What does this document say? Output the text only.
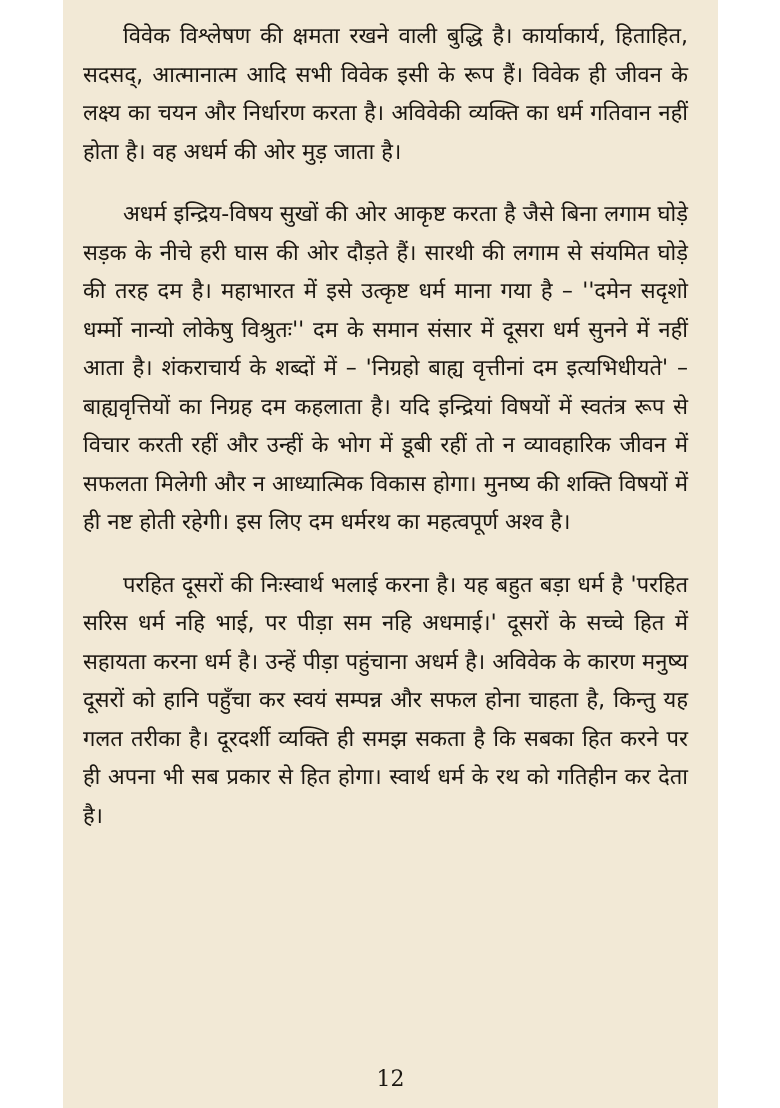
विवेक विश्लेषण की क्षमता रखने वाली बुद्धि है। कार्याकार्य, हिताहित, सदसद्, आत्मानात्म आदि सभी विवेक इसी के रूप हैं। विवेक ही जीवन के लक्ष्य का चयन और निर्धारण करता है। अविवेकी व्यक्ति का धर्म गतिवान नहीं होता है। वह अधर्म की ओर मुड़ जाता है।

अधर्म इन्द्रिय-विषय सुखों की ओर आकृष्ट करता है जैसे बिना लगाम घोड़े सड़क के नीचे हरी घास की ओर दौड़ते हैं। सारथी की लगाम से संयमित घोड़े की तरह दम है। महाभारत में इसे उत्कृष्ट धर्म माना गया है – ''दमेन सदृशो धर्म्मो नान्यो लोकेषु विश्रुतः'' दम के समान संसार में दूसरा धर्म सुनने में नहीं आता है। शंकराचार्य के शब्दों में – 'निग्रहो बाह्य वृत्तीनां दम इत्यभिधीयते' – बाह्यवृत्तियों का निग्रह दम कहलाता है। यदि इन्द्रियां विषयों में स्वतंत्र रूप से विचार करती रहीं और उन्हीं के भोग में डूबी रहीं तो न व्यावहारिक जीवन में सफलता मिलेगी और न आध्यात्मिक विकास होगा। मुनष्य की शक्ति विषयों में ही नष्ट होती रहेगी। इस लिए दम धर्मरथ का महत्वपूर्ण अश्व है।

परहित दूसरों की निःस्वार्थ भलाई करना है। यह बहुत बड़ा धर्म है 'परहित सरिस धर्म नहि भाई, पर पीड़ा सम नहि अधमाई।' दूसरों के सच्चे हित में सहायता करना धर्म है। उन्हें पीड़ा पहुंचाना अधर्म है। अविवेक के कारण मनुष्य दूसरों को हानि पहुँचा कर स्वयं सम्पन्न और सफल होना चाहता है, किन्तु यह गलत तरीका है। दूरदर्शी व्यक्ति ही समझ सकता है कि सबका हित करने पर ही अपना भी सब प्रकार से हित होगा। स्वार्थ धर्म के रथ को गतिहीन कर देता है।

12
